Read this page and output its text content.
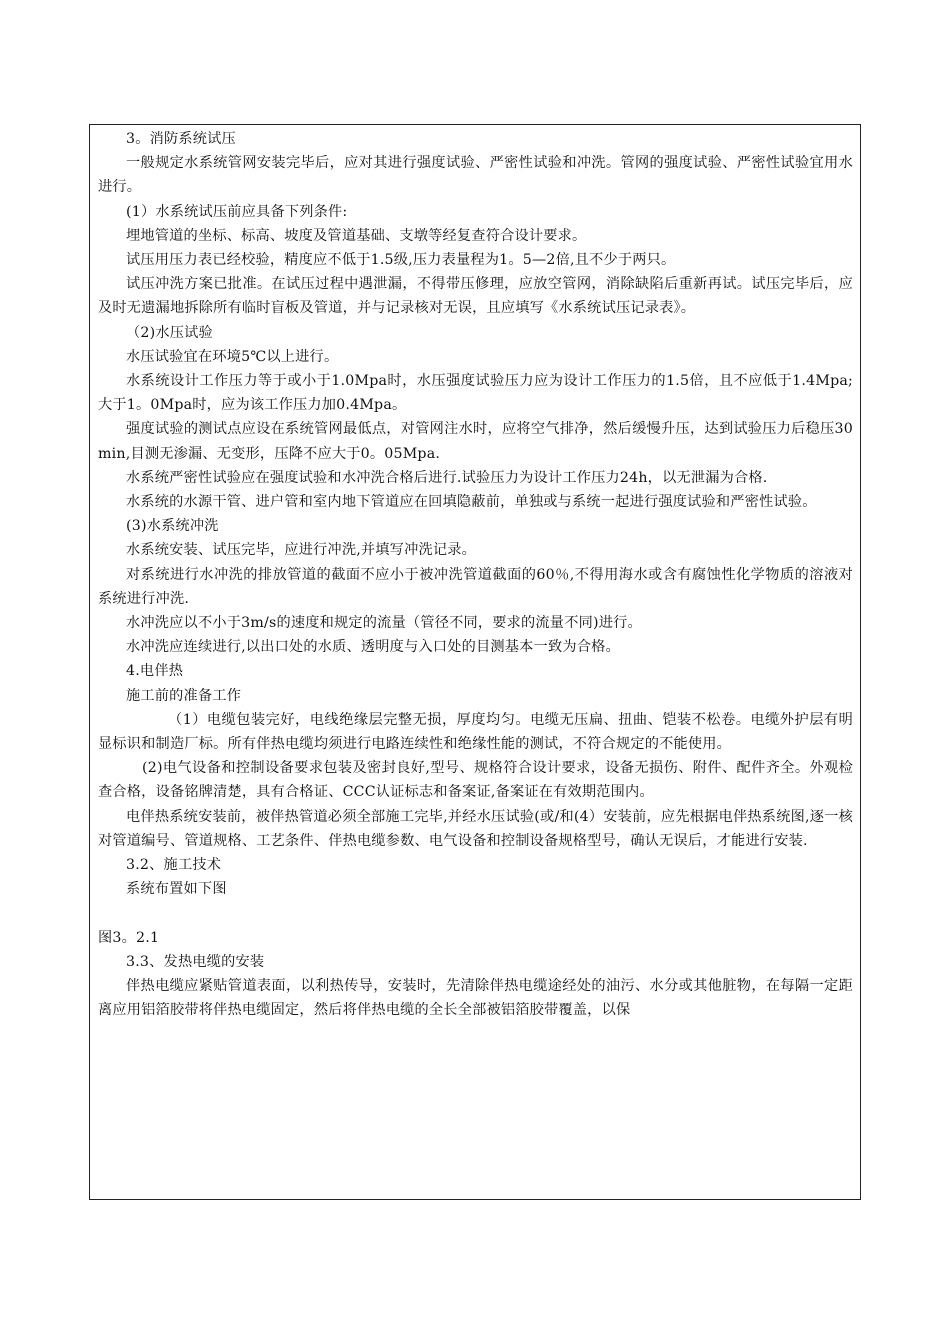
3。消防系统试压

一般规定水系统管网安装完毕后，应对其进行强度试验、严密性试验和冲洗。管网的强度试验、严密性试验宜用水进行。

(1）水系统试压前应具备下列条件:

埋地管道的坐标、标高、坡度及管道基础、支墩等经复查符合设计要求。

试压用压力表已经校验，精度应不低于1.5级,压力表量程为1。5—2倍,且不少于两只。

试压冲洗方案已批准。在试压过程中遇泄漏，不得带压修理，应放空管网，消除缺陷后重新再试。试压完毕后，应及时无遗漏地拆除所有临时盲板及管道，并与记录核对无误，且应填写《水系统试压记录表》。

（2)水压试验

水压试验宜在环境5℃以上进行。

水系统设计工作压力等于或小于1.0Mpa时，水压强度试验压力应为设计工作压力的1.5倍，且不应低于1.4Mpa;大于1。0Mpa时，应为该工作压力加0.4Mpa。

强度试验的测试点应设在系统管网最低点，对管网注水时，应将空气排净，然后缓慢升压，达到试验压力后稳压30min,目测无渗漏、无变形，压降不应大于0。05Mpa.

水系统严密性试验应在强度试验和水冲洗合格后进行.试验压力为设计工作压力24h，以无泄漏为合格.

水系统的水源干管、进户管和室内地下管道应在回填隐蔽前，单独或与系统一起进行强度试验和严密性试验。

(3)水系统冲洗

水系统安装、试压完毕，应进行冲洗,并填写冲洗记录。

对系统进行水冲洗的排放管道的截面不应小于被冲洗管道截面的60％,不得用海水或含有腐蚀性化学物质的溶液对系统进行冲洗.

水冲洗应以不小于3m/s的速度和规定的流量（管径不同，要求的流量不同)进行。

水冲洗应连续进行,以出口处的水质、透明度与入口处的目测基本一致为合格。

4.电伴热

施工前的准备工作

（1）电缆包装完好，电线绝缘层完整无损，厚度均匀。电缆无压扁、扭曲、铠装不松卷。电缆外护层有明显标识和制造厂标。所有伴热电缆均须进行电路连续性和绝缘性能的测试，不符合规定的不能使用。

(2)电气设备和控制设备要求包装及密封良好,型号、规格符合设计要求，设备无损伤、附件、配件齐全。外观检查合格，设备铭牌清楚，具有合格证、CCC认证标志和备案证,备案证在有效期范围内。

电伴热系统安装前，被伴热管道必须全部施工完毕,并经水压试验(或/和(4）安装前，应先根据电伴热系统图,逐一核对管道编号、管道规格、工艺条件、伴热电缆参数、电气设备和控制设备规格型号，确认无误后，才能进行安装.

3.2、施工技术

系统布置如下图

图3。2.1

3.3、发热电缆的安装

伴热电缆应紧贴管道表面，以利热传导，安装时，先清除伴热电缆途经处的油污、水分或其他脏物，在每隔一定距离应用铝箔胶带将伴热电缆固定，然后将伴热电缆的全长全部被铝箔胶带覆盖，以保
